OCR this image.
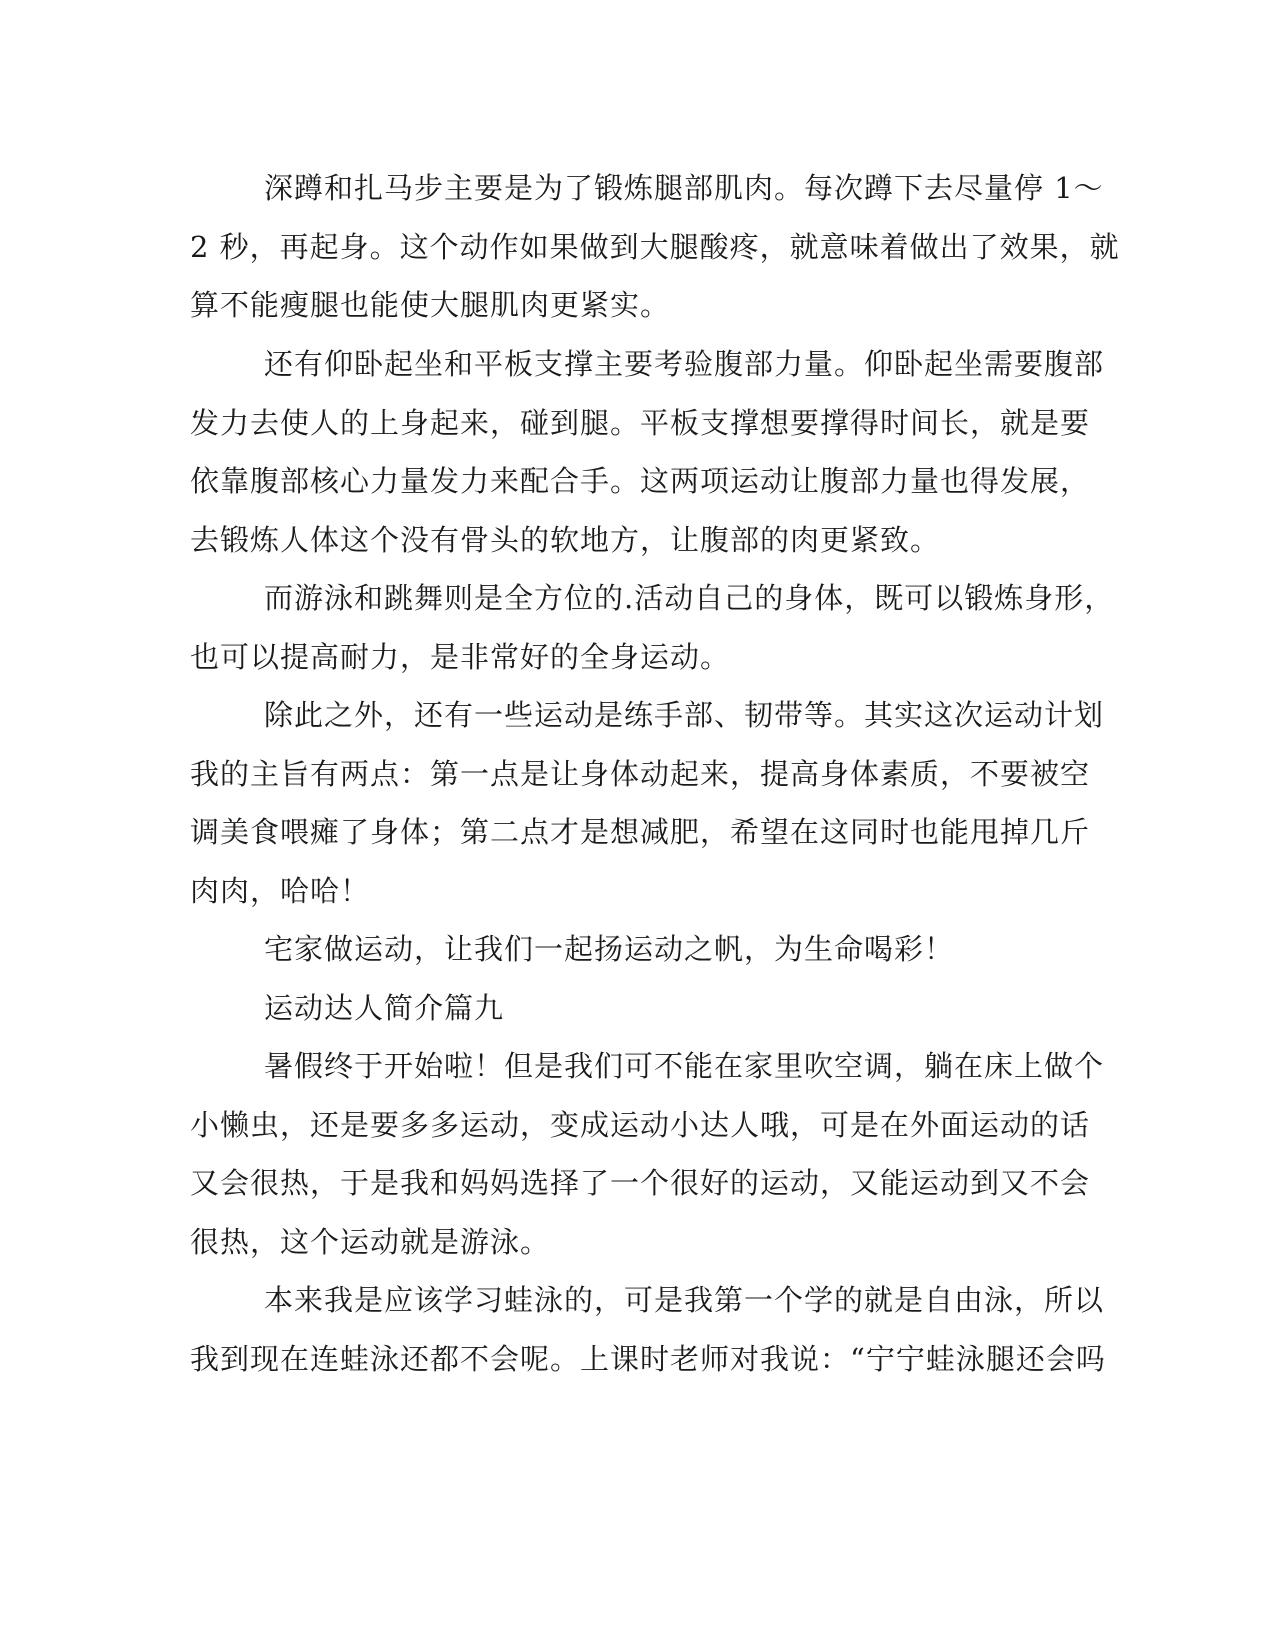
深蹲和扎马步主要是为了锻炼腿部肌肉。每次蹲下去尽量停 1～
2 秒，再起身。这个动作如果做到大腿酸疼，就意味着做出了效果，就
算不能瘦腿也能使大腿肌肉更紧实。
还有仰卧起坐和平板支撑主要考验腹部力量。仰卧起坐需要腹部
发力去使人的上身起来，碰到腿。平板支撑想要撑得时间长，就是要
依靠腹部核心力量发力来配合手。这两项运动让腹部力量也得发展，
去锻炼人体这个没有骨头的软地方，让腹部的肉更紧致。
而游泳和跳舞则是全方位的.活动自己的身体，既可以锻炼身形，
也可以提高耐力，是非常好的全身运动。
除此之外，还有一些运动是练手部、韧带等。其实这次运动计划
我的主旨有两点：第一点是让身体动起来，提高身体素质，不要被空
调美食喂瘫了身体；第二点才是想减肥，希望在这同时也能甩掉几斤
肉肉，哈哈！
宅家做运动，让我们一起扬运动之帆，为生命喝彩！
运动达人简介篇九
暑假终于开始啦！但是我们可不能在家里吹空调，躺在床上做个
小懒虫，还是要多多运动，变成运动小达人哦，可是在外面运动的话
又会很热，于是我和妈妈选择了一个很好的运动，又能运动到又不会
很热，这个运动就是游泳。
本来我是应该学习蛙泳的，可是我第一个学的就是自由泳，所以
我到现在连蛙泳还都不会呢。上课时老师对我说：“宁宁蛙泳腿还会吗
